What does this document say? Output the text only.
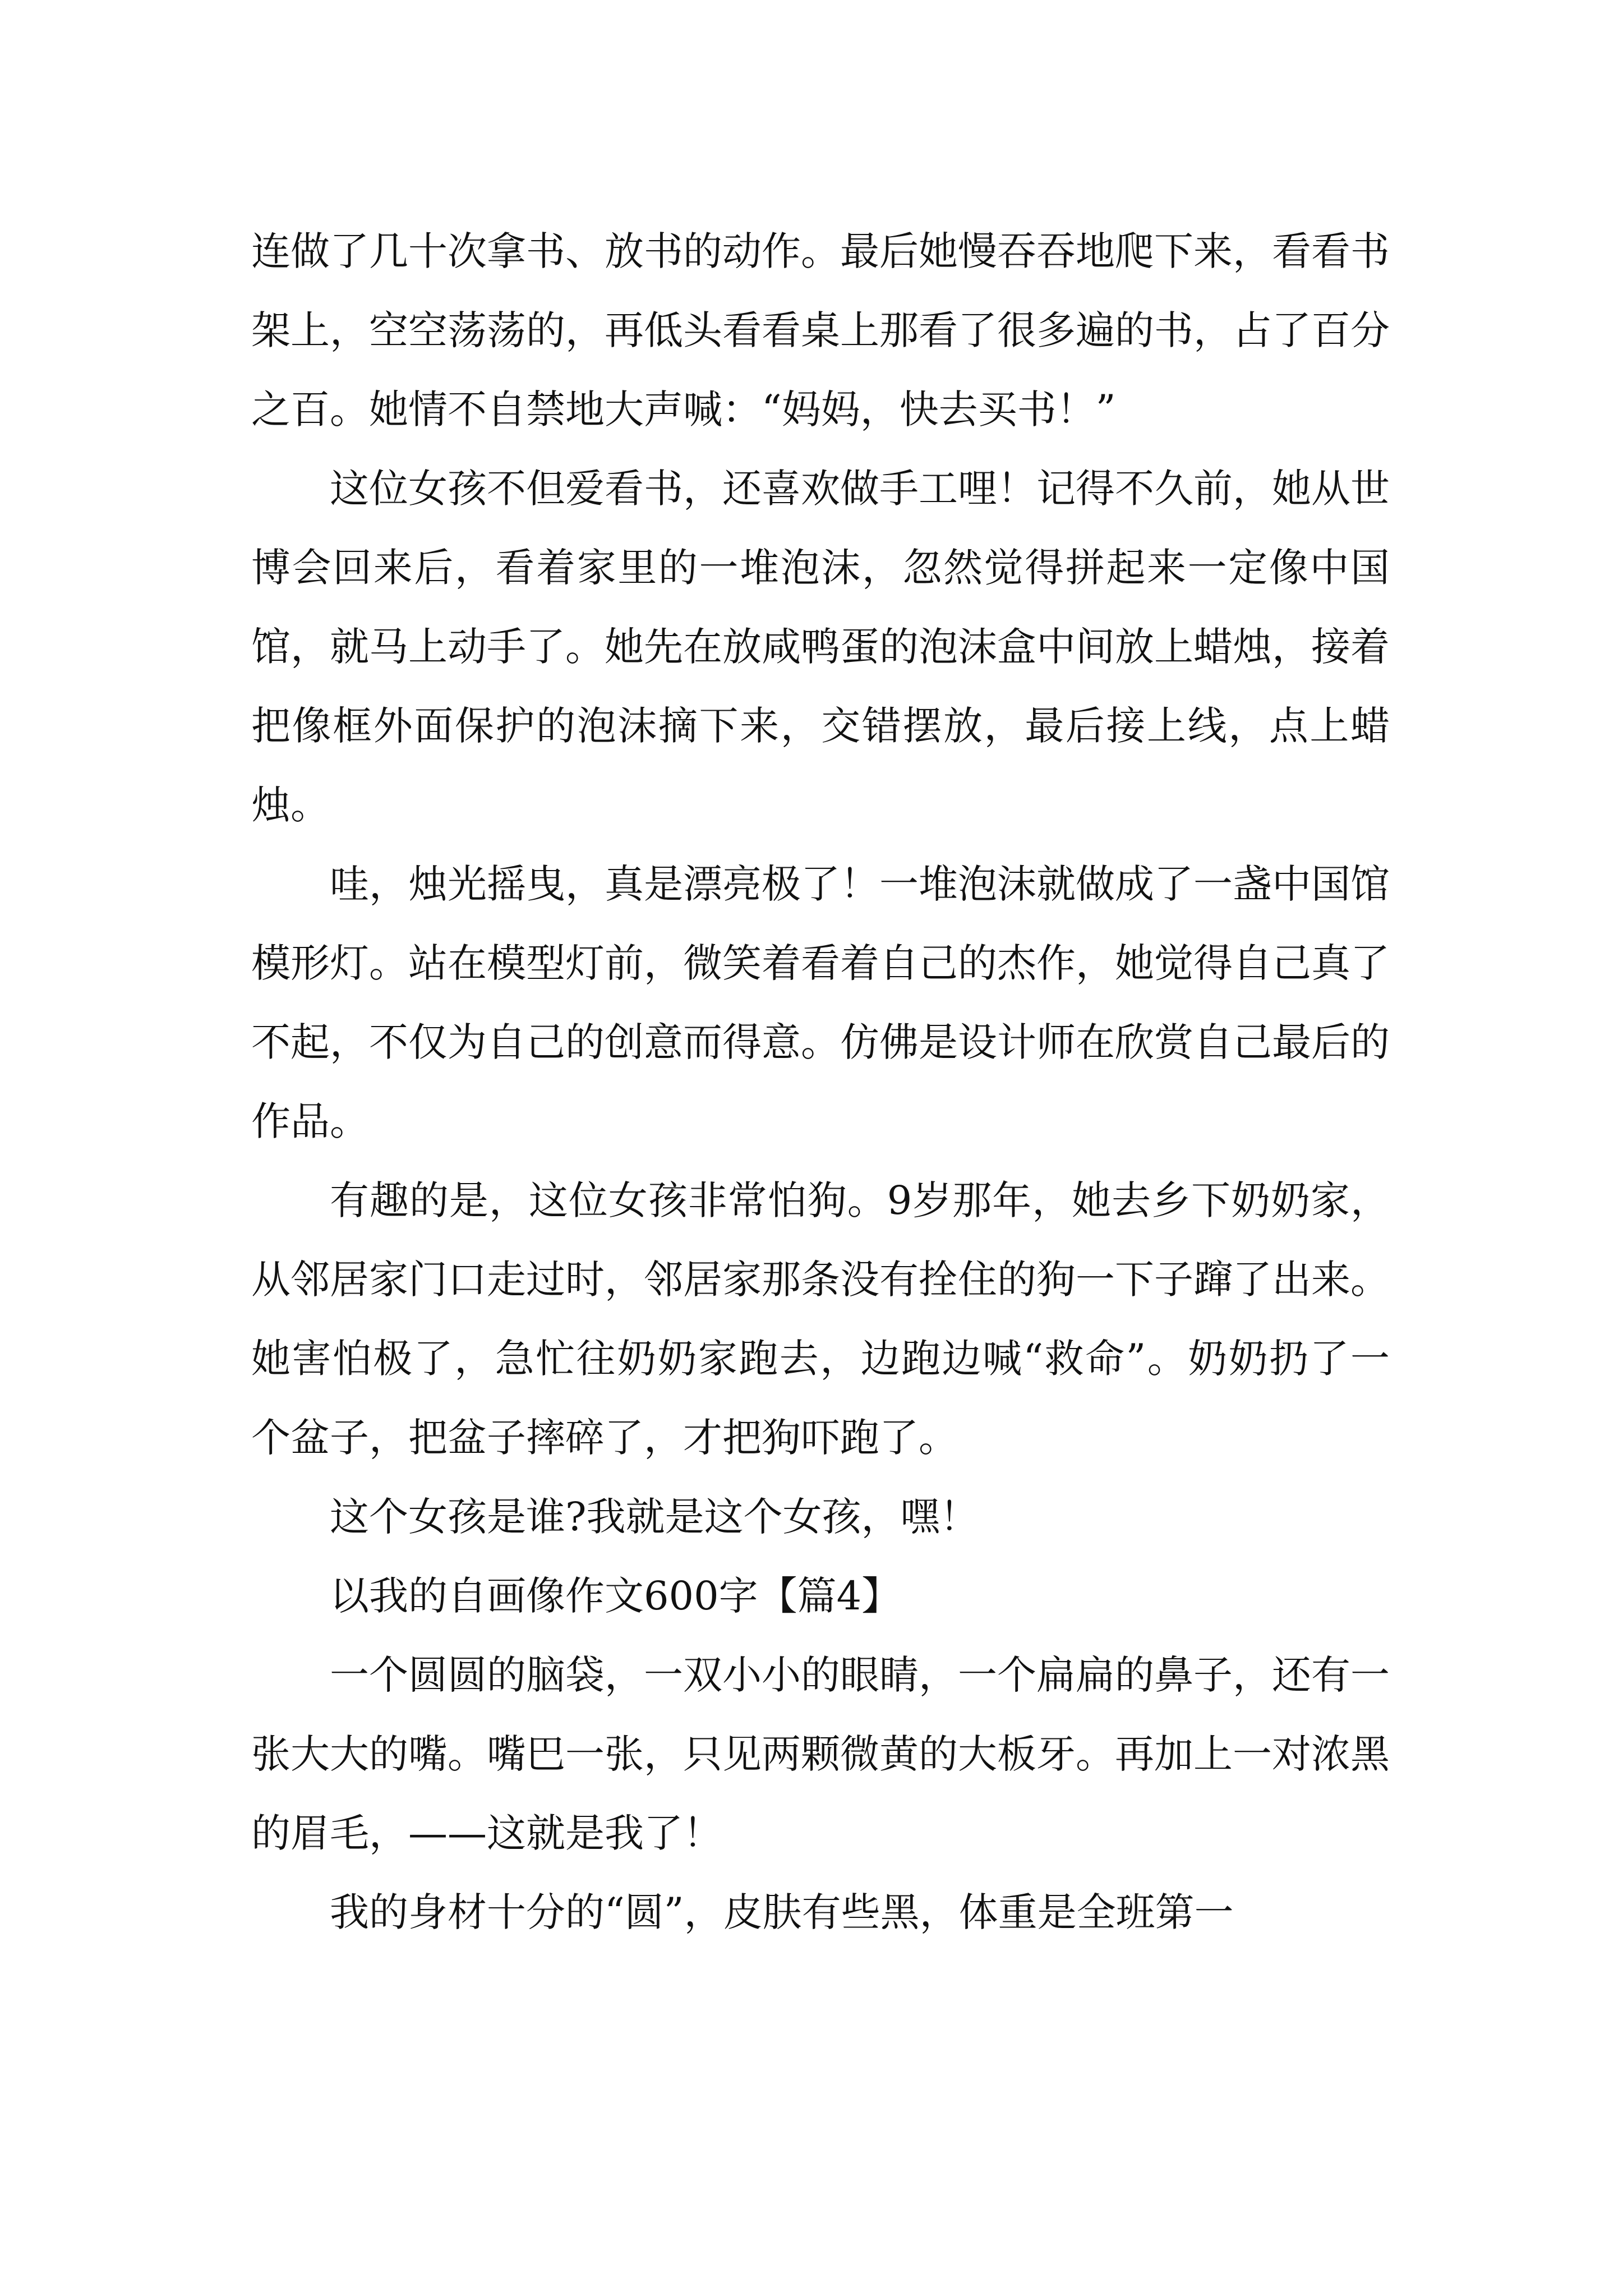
连做了几十次拿书、放书的动作。最后她慢吞吞地爬下来，看看书架上，空空荡荡的，再低头看看桌上那看了很多遍的书，占了百分之百。她情不自禁地大声喊：“妈妈，快去买书！”

这位女孩不但爱看书，还喜欢做手工哩！记得不久前，她从世博会回来后，看着家里的一堆泡沫，忽然觉得拼起来一定像中国馆，就马上动手了。她先在放咸鸭蛋的泡沫盒中间放上蜡烛，接着把像框外面保护的泡沫摘下来，交错摆放，最后接上线，点上蜡烛。

哇，烛光摇曳，真是漂亮极了！一堆泡沫就做成了一盏中国馆模形灯。站在模型灯前，微笑着看着自己的杰作，她觉得自己真了不起，不仅为自己的创意而得意。仿佛是设计师在欣赏自己最后的作品。

有趣的是，这位女孩非常怕狗。9岁那年，她去乡下奶奶家，从邻居家门口走过时，邻居家那条没有拴住的狗一下子蹿了出来。她害怕极了，急忙往奶奶家跑去，边跑边喊“救命”。奶奶扔了一个盆子，把盆子摔碎了，才把狗吓跑了。

这个女孩是谁?我就是这个女孩，嘿！

以我的自画像作文600字【篇4】

一个圆圆的脑袋，一双小小的眼睛，一个扁扁的鼻子，还有一张大大的嘴。嘴巴一张，只见两颗微黄的大板牙。再加上一对浓黑的眉毛，——这就是我了！

我的身材十分的“圆”，皮肤有些黑，体重是全班第一
